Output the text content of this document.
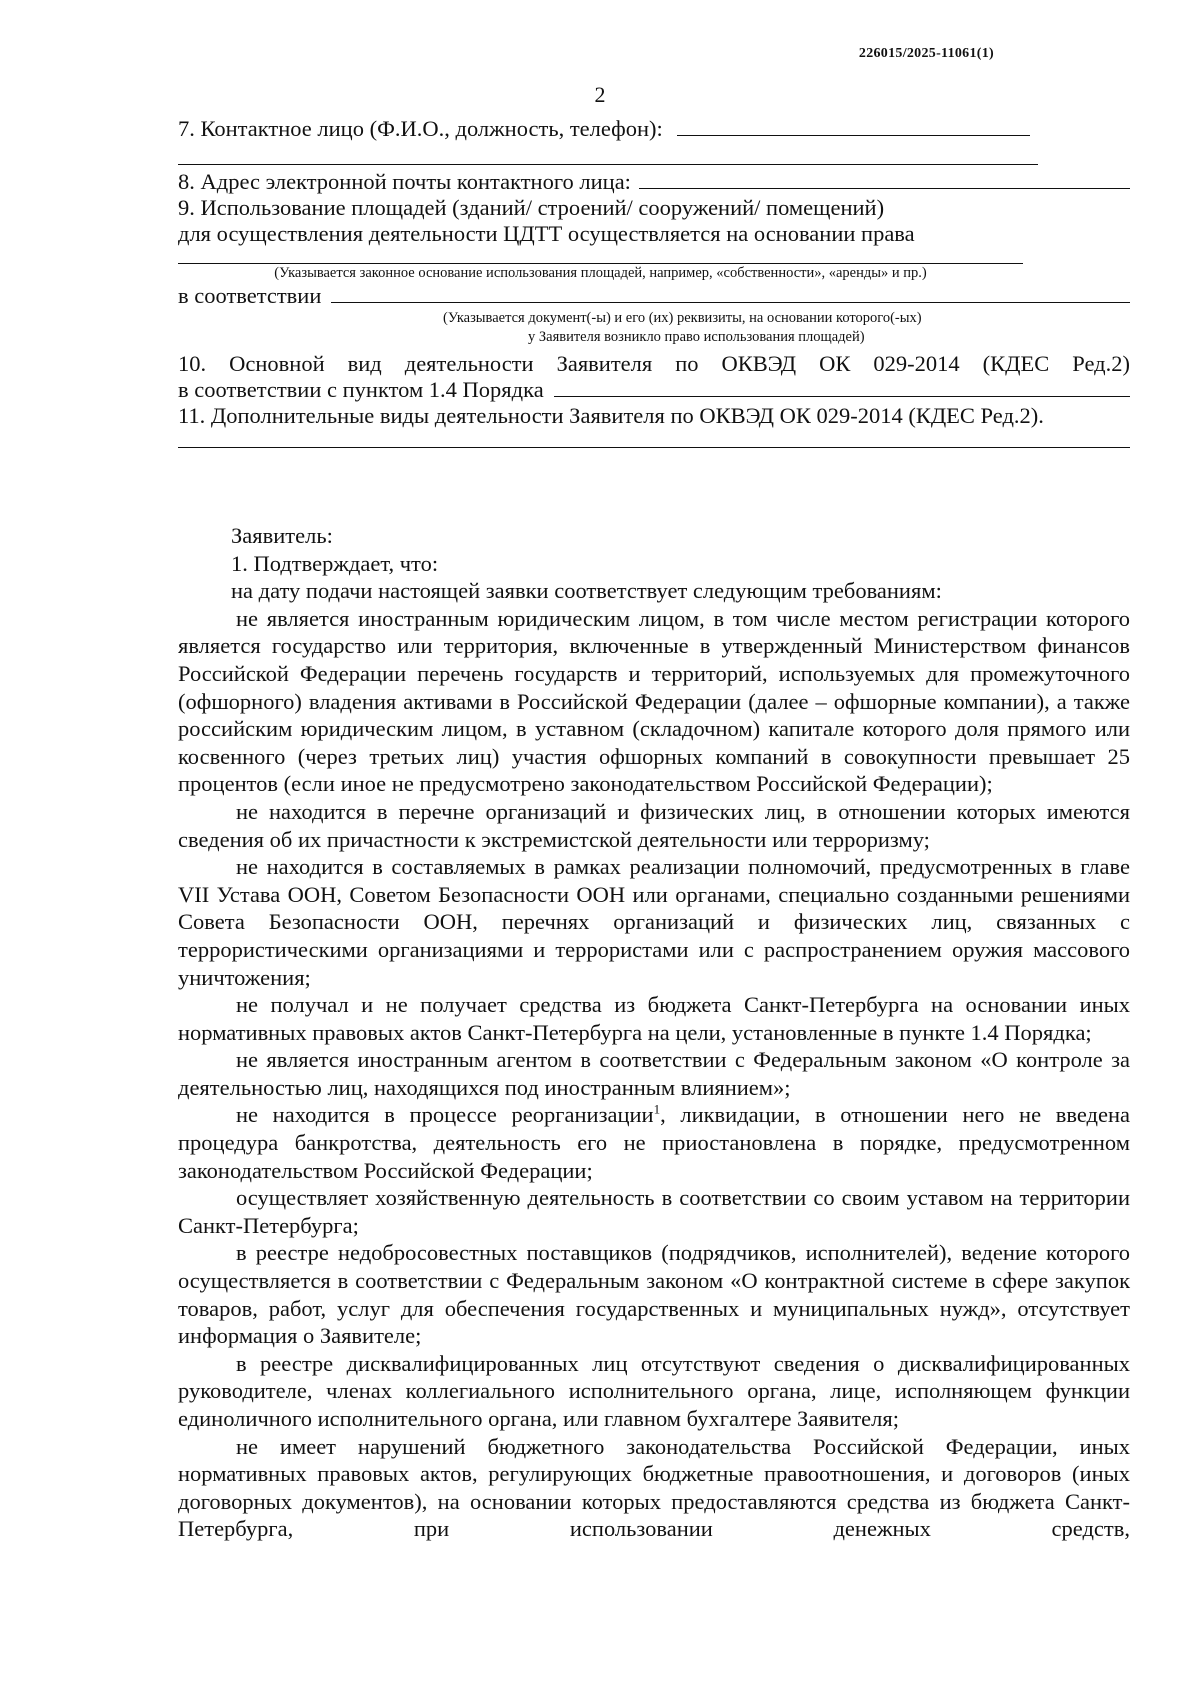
226015/2025-11061(1)
2
7. Контактное лицо (Ф.И.О., должность, телефон):
8. Адрес электронной почты контактного лица:
9. Использование площадей (зданий/ строений/ сооружений/ помещений)
для осуществления деятельности ЦДТТ осуществляется на основании права
(Указывается законное основание использования площадей, например, «собственности», «аренды» и пр.)
в соответствии
(Указывается документ(-ы) и его (их) реквизиты, на основании которого(-ых)
у Заявителя возникло право использования площадей)
10. Основной вид деятельности Заявителя по ОКВЭД ОК 029-2014 (КДЕС Ред.2)
в соответствии с пунктом 1.4 Порядка
11. Дополнительные виды деятельности Заявителя по ОКВЭД ОК 029-2014 (КДЕС Ред.2).

Заявитель:

1. Подтверждает, что:

на дату подачи настоящей заявки соответствует следующим требованиям:

не является иностранным юридическим лицом, в том числе местом регистрации которого является государство или территория, включенные в утвержденный Министерством финансов Российской Федерации перечень государств и территорий, используемых для промежуточного (офшорного) владения активами в Российской Федерации (далее – офшорные компании), а также российским юридическим лицом, в уставном (складочном) капитале которого доля прямого или косвенного (через третьих лиц) участия офшорных компаний в совокупности превышает 25 процентов (если иное не предусмотрено законодательством Российской Федерации);

не находится в перечне организаций и физических лиц, в отношении которых имеются сведения об их причастности к экстремистской деятельности или терроризму;

не находится в составляемых в рамках реализации полномочий, предусмотренных в главе VII Устава ООН, Советом Безопасности ООН или органами, специально созданными решениями Совета Безопасности ООН, перечнях организаций и физических лиц, связанных с террористическими организациями и террористами или с распространением оружия массового уничтожения;

не получал и не получает средства из бюджета Санкт-Петербурга на основании иных нормативных правовых актов Санкт-Петербурга на цели, установленные в пункте 1.4 Порядка;

не является иностранным агентом в соответствии с Федеральным законом «О контроле за деятельностью лиц, находящихся под иностранным влиянием»;

не находится в процессе реорганизации$^1$, ликвидации, в отношении него не введена процедура банкротства, деятельность его не приостановлена в порядке, предусмотренном законодательством Российской Федерации;

осуществляет хозяйственную деятельность в соответствии со своим уставом на территории Санкт-Петербурга;

в реестре недобросовестных поставщиков (подрядчиков, исполнителей), ведение которого осуществляется в соответствии с Федеральным законом «О контрактной системе в сфере закупок товаров, работ, услуг для обеспечения государственных и муниципальных нужд», отсутствует информация о Заявителе;

в реестре дисквалифицированных лиц отсутствуют сведения о дисквалифицированных руководителе, членах коллегиального исполнительного органа, лице, исполняющем функции единоличного исполнительного органа, или главном бухгалтере Заявителя;

не имеет нарушений бюджетного законодательства Российской Федерации, иных нормативных правовых актов, регулирующих бюджетные правоотношения, и договоров (иных договорных документов), на основании которых предоставляются средства из бюджета Санкт-Петербурга, при использовании денежных средств,
